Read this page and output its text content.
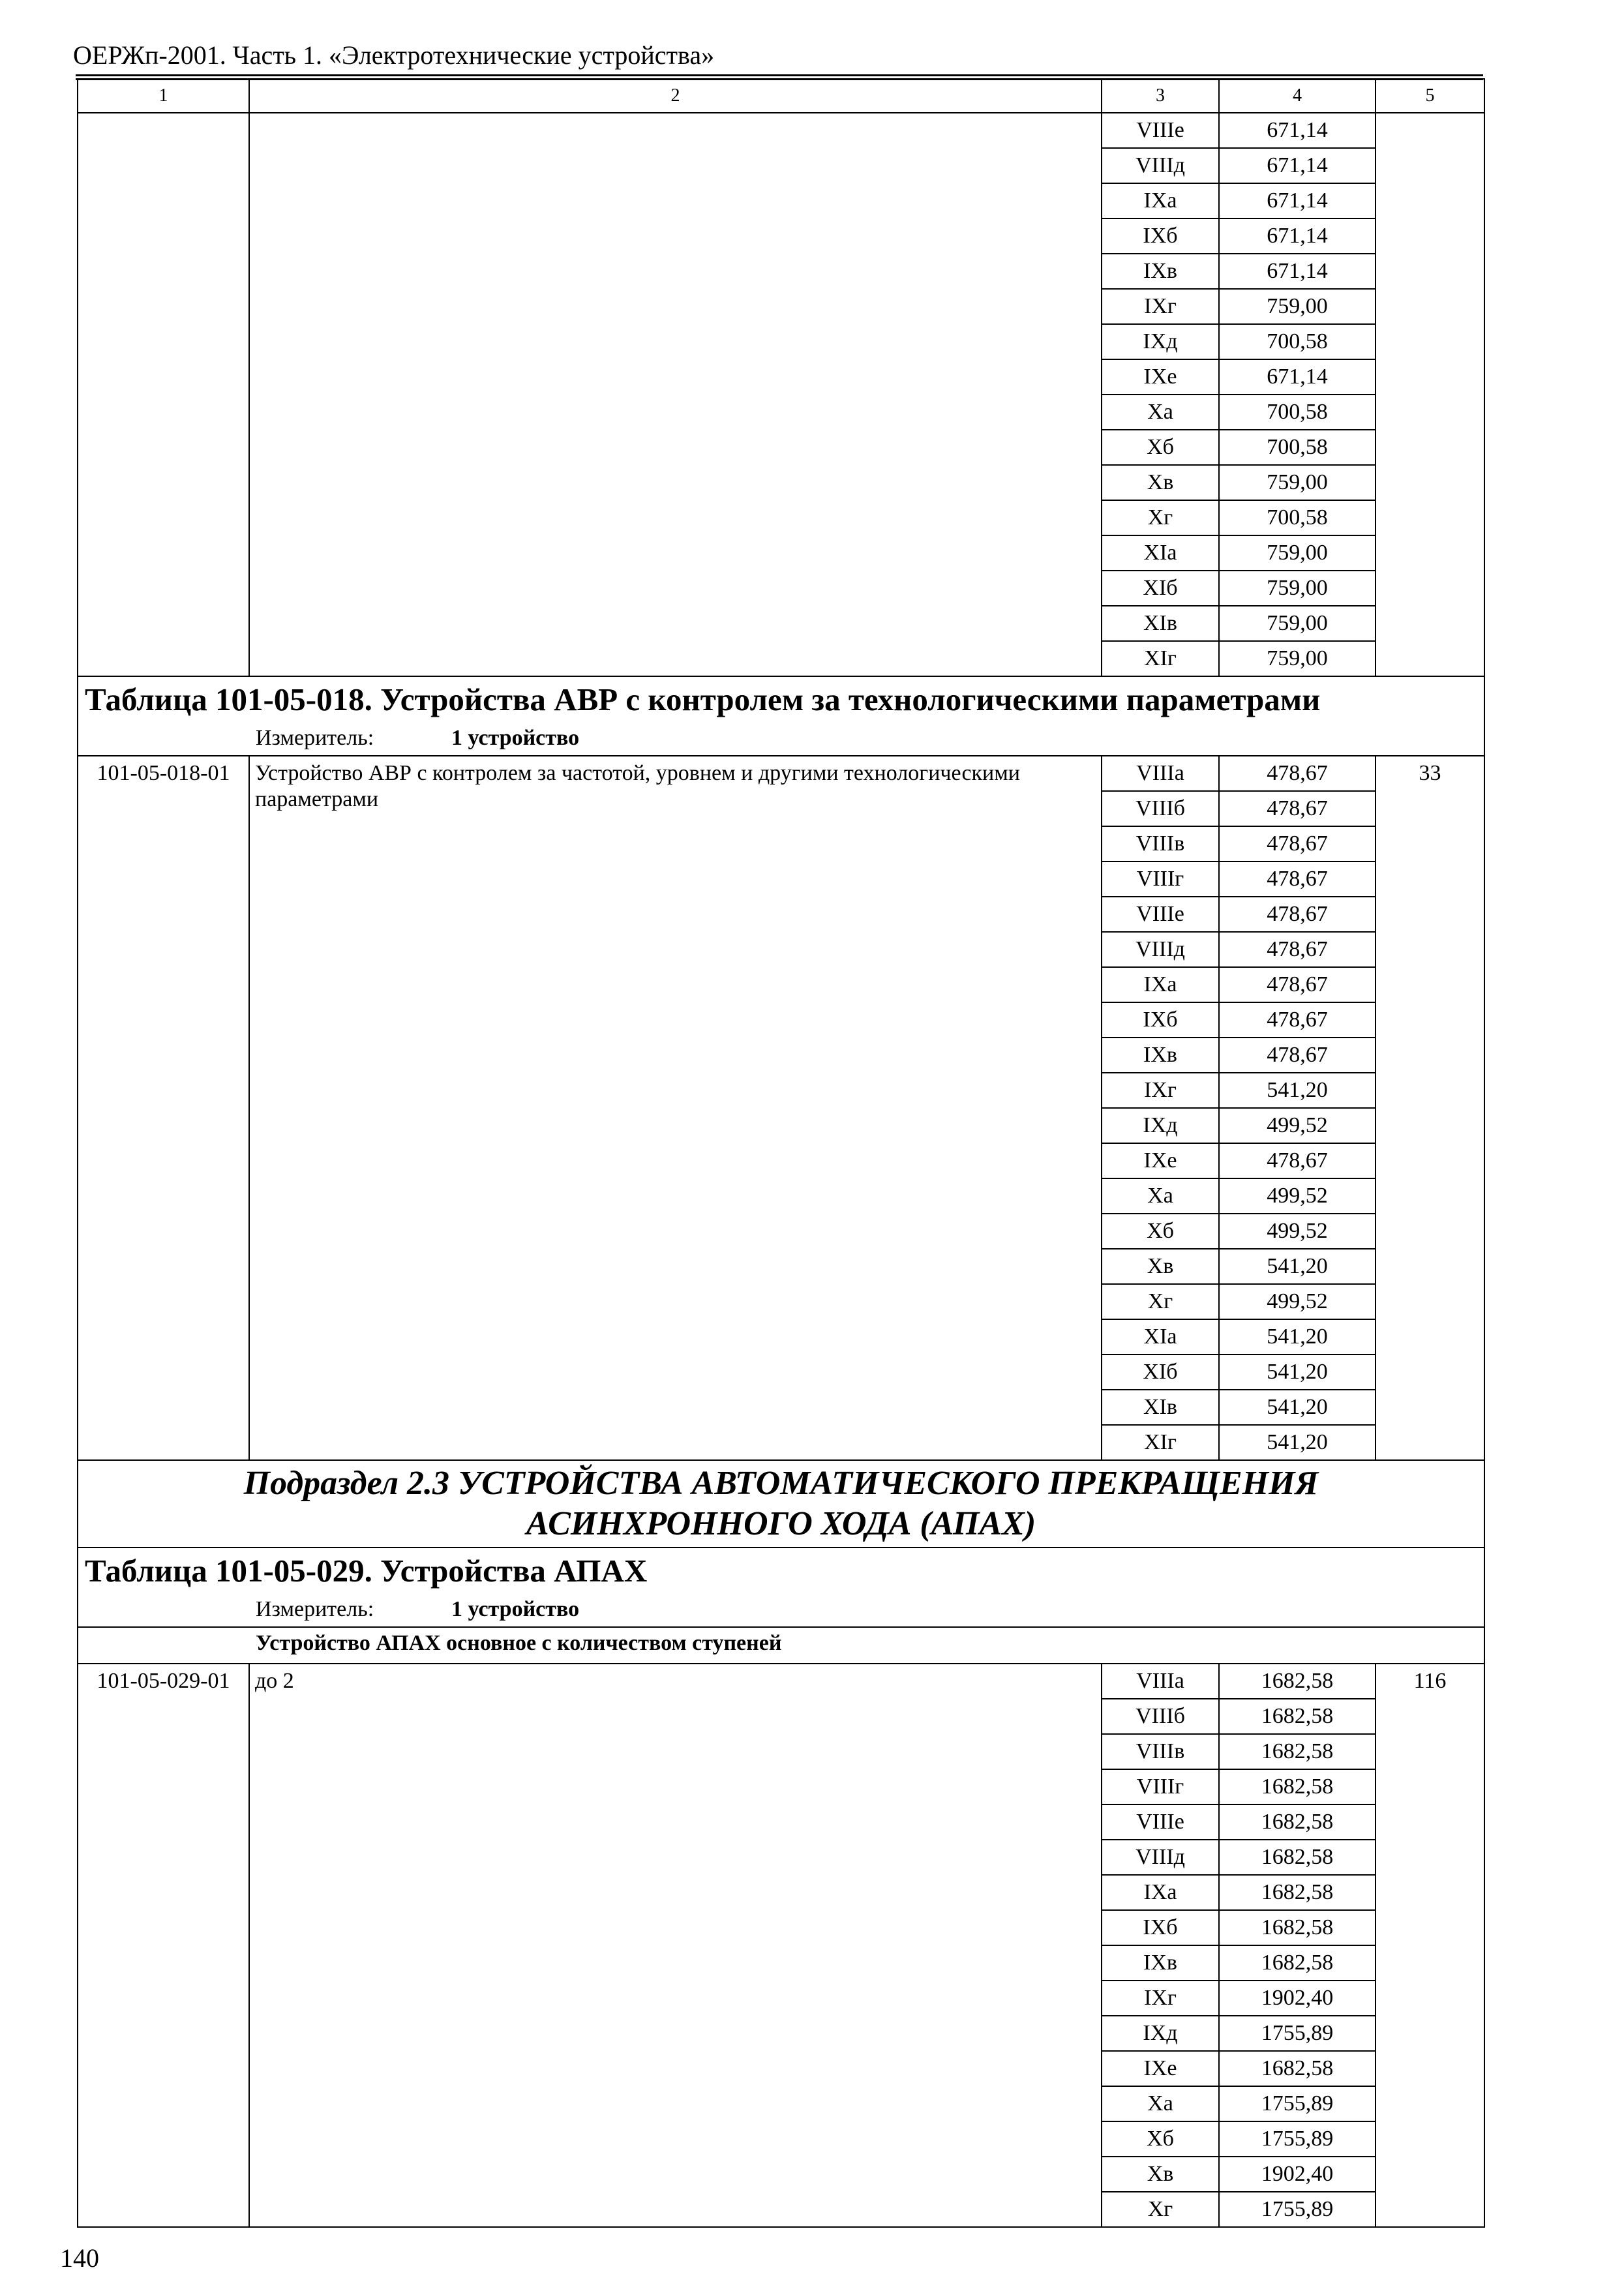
ОЕРЖп-2001. Часть 1. «Электротехнические устройства»
1	2	3	4	5
		VIIIе	671,14	
		VIIIд	671,14	
		IXа	671,14	
		IXб	671,14	
		IXв	671,14	
		IXг	759,00	
		IXд	700,58	
		IXе	671,14	
		Xа	700,58	
		Xб	700,58	
		Xв	759,00	
		Xг	700,58	
		XIа	759,00	
		XIб	759,00	
		XIв	759,00	
		XIг	759,00	
Таблица 101-05-018. Устройства АВР с контролем за технологическими параметрами				
Измеритель: 1 устройство				
101-05-018-01	Устройство АВР с контролем за частотой, уровнем и другими технологическими параметрами	VIIIа	478,67	33
		VIIIб	478,67	
		VIIIв	478,67	
		VIIIг	478,67	
		VIIIе	478,67	
		VIIIд	478,67	
		IXа	478,67	
		IXб	478,67	
		IXв	478,67	
		IXг	541,20	
		IXд	499,52	
		IXе	478,67	
		Xа	499,52	
		Xб	499,52	
		Xв	541,20	
		Xг	499,52	
		XIа	541,20	
		XIб	541,20	
		XIв	541,20	
		XIг	541,20	

Подраздел 2.3 УСТРОЙСТВА АВТОМАТИЧЕСКОГО ПРЕКРАЩЕНИЯ
АСИНХРОННОГО ХОДА (АПАХ)				

Таблица 101-05-029. Устройства АПАХ				
Измеритель: 1 устройство				
Устройство АПАХ основное с количеством ступеней				
101-05-029-01	до 2	VIIIа	1682,58	116
		VIIIб	1682,58	
		VIIIв	1682,58	
		VIIIг	1682,58	
		VIIIе	1682,58	
		VIIIд	1682,58	
		IXа	1682,58	
		IXб	1682,58	
		IXв	1682,58	
		IXг	1902,40	
		IXд	1755,89	
		IXе	1682,58	
		Xа	1755,89	
		Xб	1755,89	
		Xв	1902,40	
		Xг	1755,89	
140
